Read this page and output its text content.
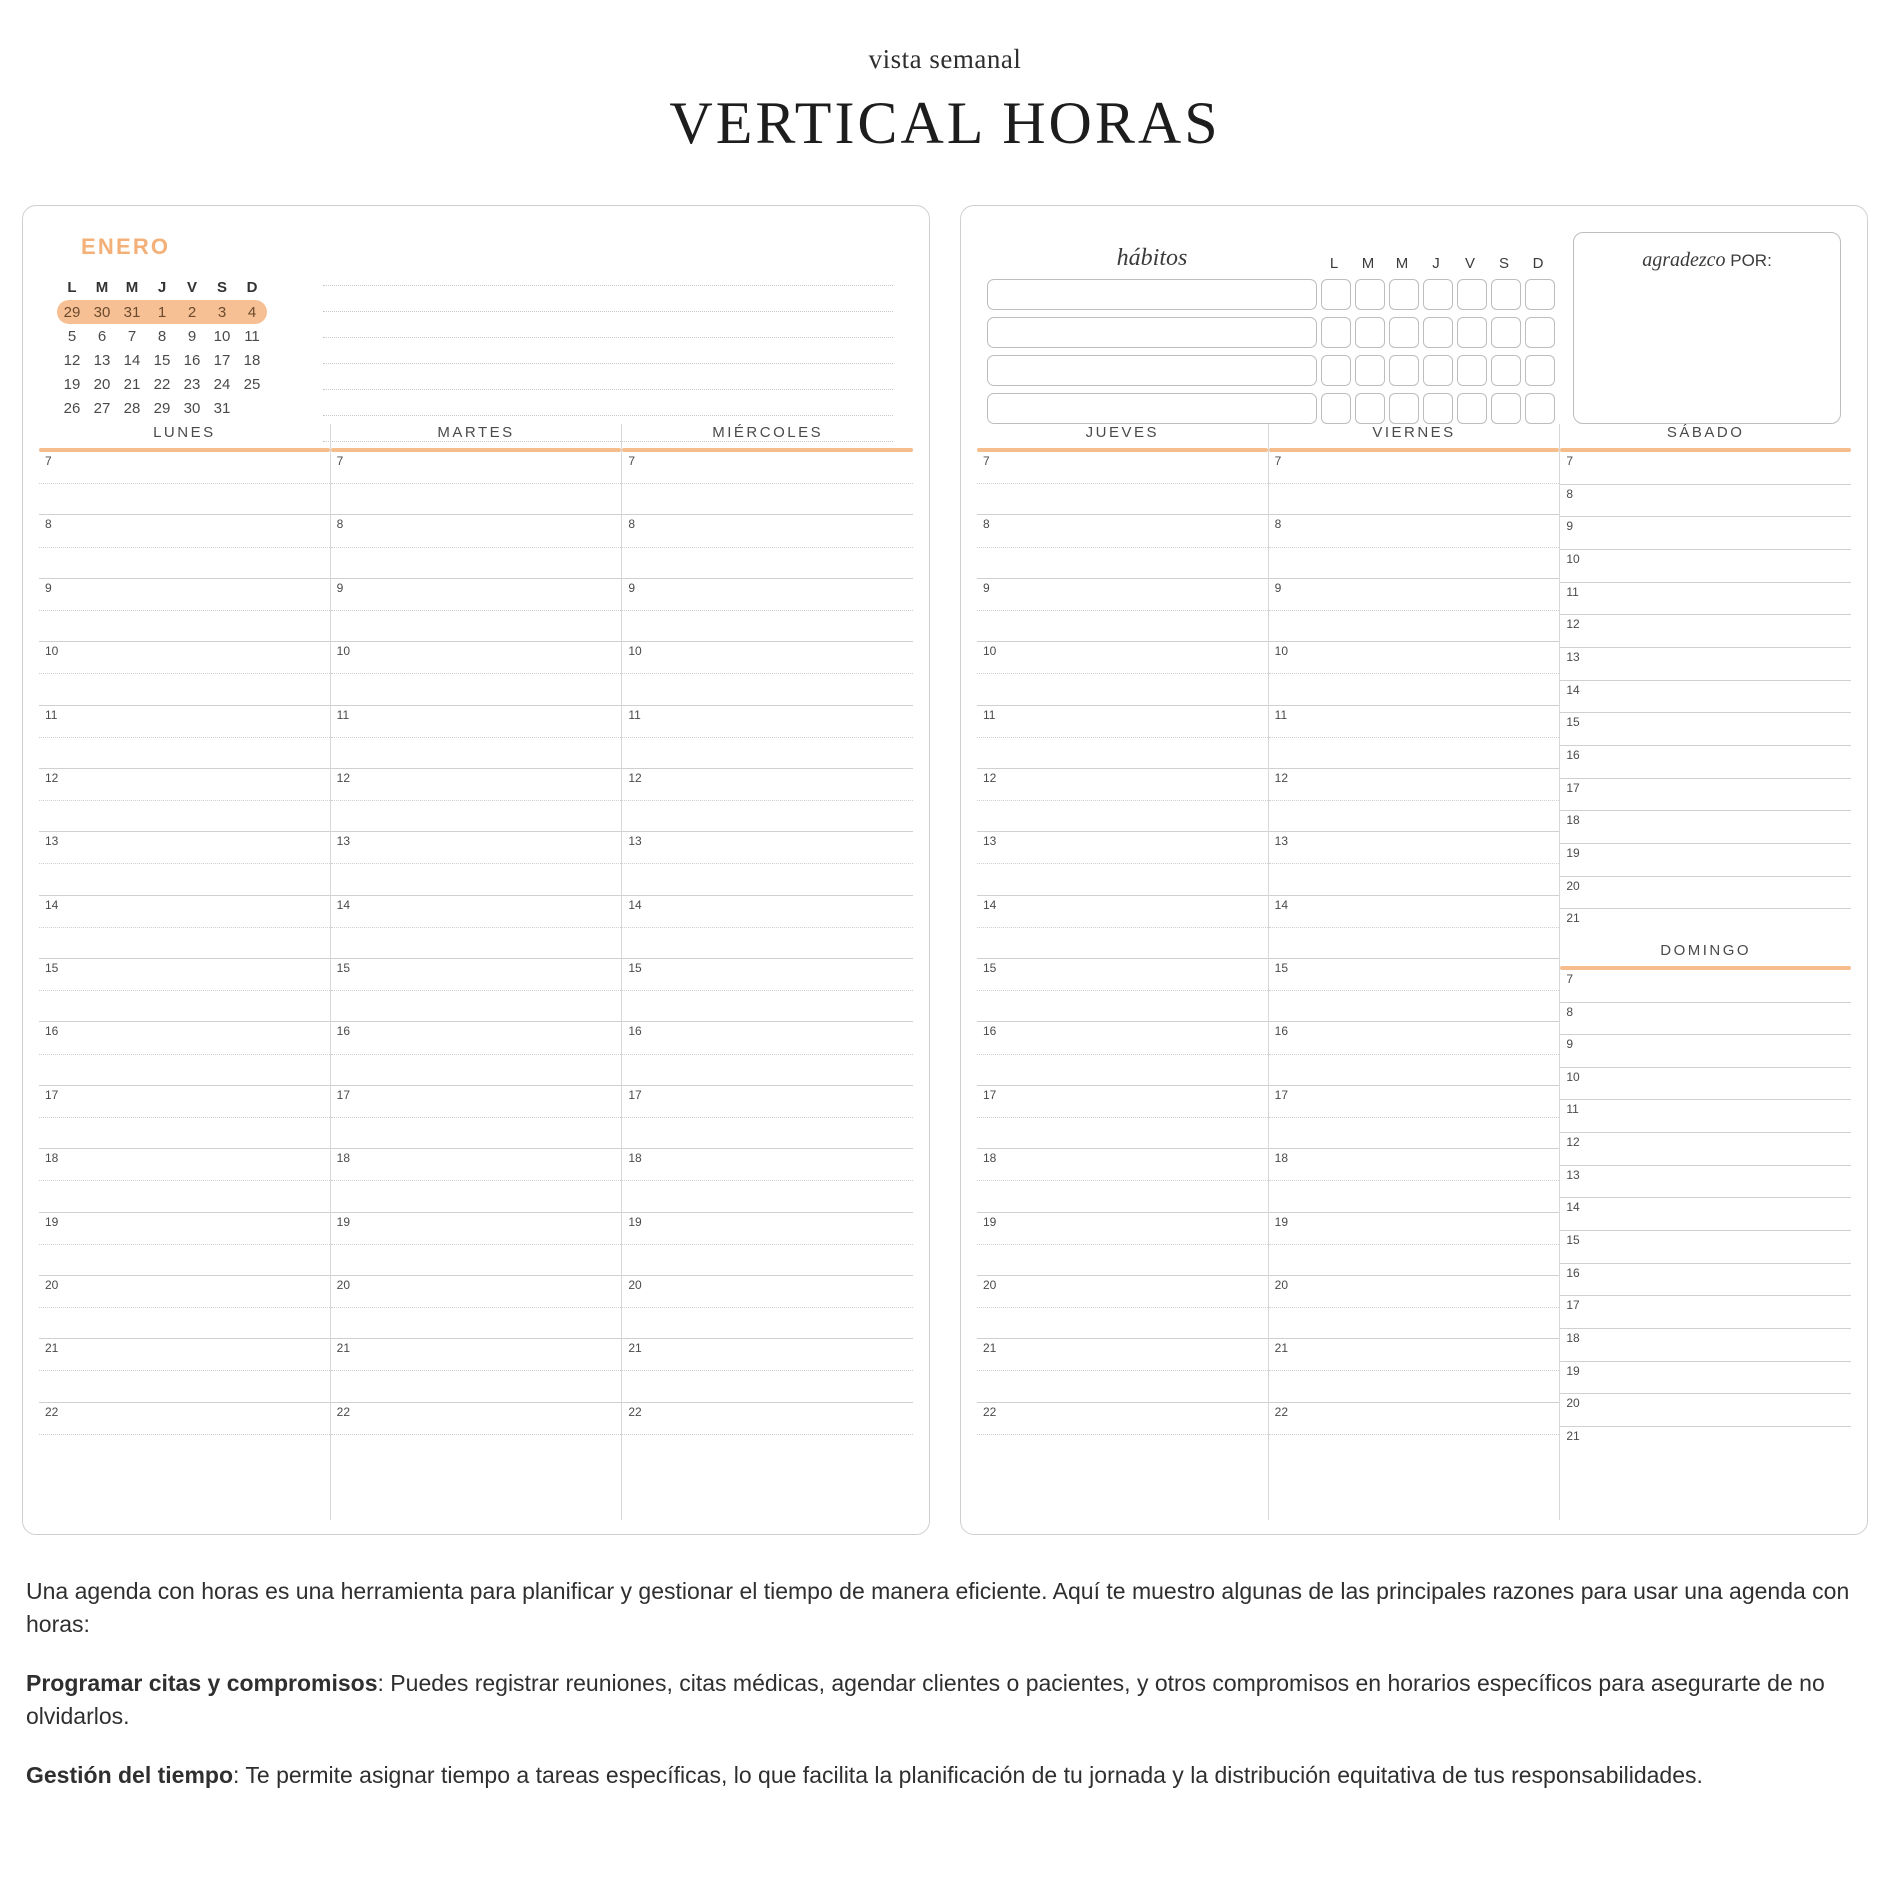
vista semanal
VERTICAL HORAS
ENERO
L	M	M	J	V	S	D
29	30	31	1	2	3	4
5	6	7	8	9	10	11
12	13	14	15	16	17	18
19	20	21	22	23	24	25
26	27	28	29	30	31	
LUNES
7
8
9
10
11
12
13
14
15
16
17
18
19
20
21
22
MARTES
7
8
9
10
11
12
13
14
15
16
17
18
19
20
21
22
MIÉRCOLES
7
8
9
10
11
12
13
14
15
16
17
18
19
20
21
22
hábitos	L	M	M	J	V	S	D	agradezco POR:
JUEVES
7
8
9
10
11
12
13
14
15
16
17
18
19
20
21
22
VIERNES
7
8
9
10
11
12
13
14
15
16
17
18
19
20
21
22
SÁBADO
7
8
9
10
11
12
13
14
15
16
17
18
19
20
21
DOMINGO
7
8
9
10
11
12
13
14
15
16
17
18
19
20
21

Una agenda con horas es una herramienta para planificar y gestionar el tiempo de manera eficiente. Aquí te muestro algunas de las principales razones para usar una agenda con horas:

Programar citas y compromisos: Puedes registrar reuniones, citas médicas, agendar clientes o pacientes, y otros compromisos en horarios específicos para asegurarte de no olvidarlos.

Gestión del tiempo: Te permite asignar tiempo a tareas específicas, lo que facilita la planificación de tu jornada y la distribución equitativa de tus responsabilidades.
